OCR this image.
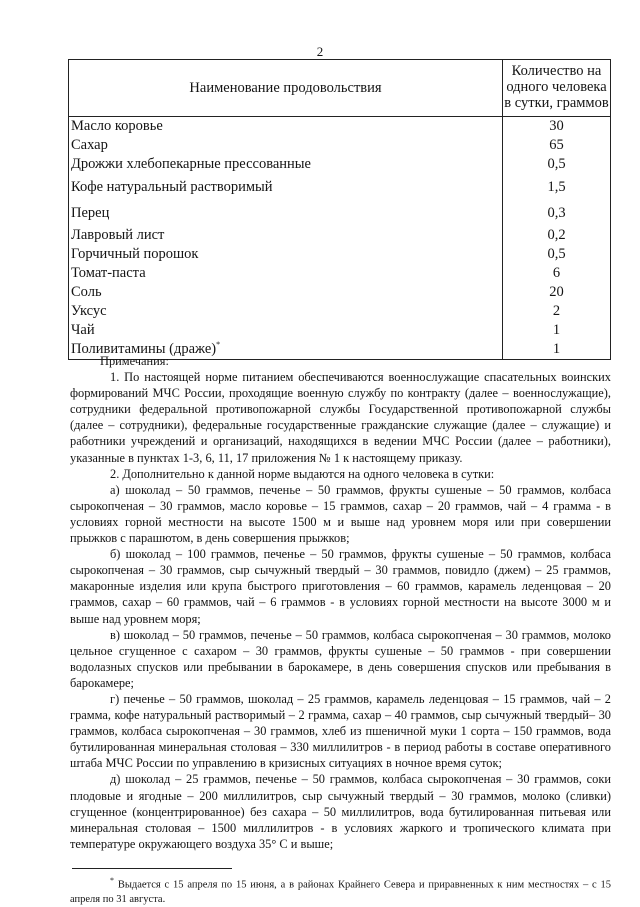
2
Наименование продовольствия	Количество на одного человека в сутки, граммов
Масло коровье	30
Сахар	65
Дрожжи хлебопекарные прессованные	0,5
Кофе натуральный растворимый	1,5
Перец	0,3
Лавровый лист	0,2
Горчичный порошок	0,5
Томат-паста	6
Соль	20
Уксус	2
Чай	1
Поливитамины (драже)*	1

Примечания:

1. По настоящей норме питанием обеспечиваются военнослужащие спасательных воинских формирований МЧС России, проходящие военную службу по контракту (далее – военнослужащие), сотрудники федеральной противопожарной службы Государственной противопожарной службы (далее – сотрудники), федеральные государственные гражданские служащие (далее – служащие) и работники учреждений и организаций, находящихся в ведении МЧС России (далее – работники), указанные в пунктах 1-3, 6, 11, 17 приложения № 1 к настоящему приказу.

2. Дополнительно к данной норме выдаются на одного человека в сутки:

а) шоколад – 50 граммов, печенье – 50 граммов, фрукты сушеные – 50 граммов, колбаса сырокопченая – 30 граммов, масло коровье – 15 граммов, сахар – 20 граммов, чай – 4 грамма - в условиях горной местности на высоте 1500 м и выше над уровнем моря или при совершении прыжков с парашютом, в день совершения прыжков;

б) шоколад – 100 граммов, печенье – 50 граммов, фрукты сушеные – 50 граммов, колбаса сырокопченая – 30 граммов, сыр сычужный твердый – 30 граммов, повидло (джем) – 25 граммов, макаронные изделия или крупа быстрого приготовления – 60 граммов, карамель леденцовая – 20 граммов, сахар – 60 граммов, чай – 6 граммов - в условиях горной местности на высоте 3000 м и выше над уровнем моря;

в) шоколад – 50 граммов, печенье – 50 граммов, колбаса сырокопченая – 30 граммов, молоко цельное сгущенное с сахаром – 30 граммов, фрукты сушеные – 50 граммов - при совершении водолазных спусков или пребывании в барокамере, в день совершения спусков или пребывания в барокамере;

г) печенье – 50 граммов, шоколад – 25 граммов, карамель леденцовая – 15 граммов, чай – 2 грамма, кофе натуральный растворимый – 2 грамма, сахар – 40 граммов, сыр сычужный твердый– 30 граммов, колбаса сырокопченая – 30 граммов, хлеб из пшеничной муки 1 сорта – 150 граммов, вода бутилированная минеральная столовая – 330 миллилитров - в период работы в составе оперативного штаба МЧС России по управлению в кризисных ситуациях в ночное время суток;

д) шоколад – 25 граммов, печенье – 50 граммов, колбаса сырокопченая – 30 граммов, соки плодовые и ягодные – 200 миллилитров, сыр сычужный твердый – 30 граммов, молоко (сливки) сгущенное (концентрированное) без сахара – 50 миллилитров, вода бутилированная питьевая или минеральная столовая – 1500 миллилитров - в условиях жаркого и тропического климата при температуре окружающего воздуха 35° С и выше;

* Выдается с 15 апреля по 15 июня, а в районах Крайнего Севера и приравненных к ним местностях – с 15 апреля по 31 августа.
